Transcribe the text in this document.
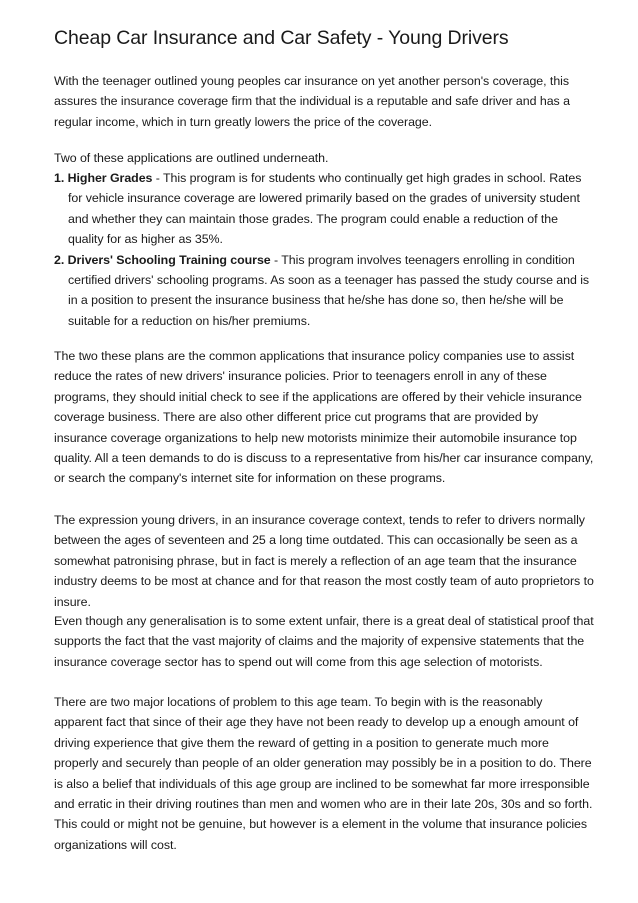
Cheap Car Insurance and Car Safety - Young Drivers

With the teenager outlined young peoples car insurance on yet another person's coverage, this assures the insurance coverage firm that the individual is a reputable and safe driver and has a regular income, which in turn greatly lowers the price of the coverage.

Two of these applications are outlined underneath.

1. Higher Grades - This program is for students who continually get high grades in school. Rates for vehicle insurance coverage are lowered primarily based on the grades of university student and whether they can maintain those grades. The program could enable a reduction of the quality for as higher as 35%.
2. Drivers' Schooling Training course - This program involves teenagers enrolling in condition certified drivers' schooling programs. As soon as a teenager has passed the study course and is in a position to present the insurance business that he/she has done so, then he/she will be suitable for a reduction on his/her premiums.

The two these plans are the common applications that insurance policy companies use to assist reduce the rates of new drivers' insurance policies. Prior to teenagers enroll in any of these programs, they should initial check to see if the applications are offered by their vehicle insurance coverage business. There are also other different price cut programs that are provided by insurance coverage organizations to help new motorists minimize their automobile insurance top quality. All a teen demands to do is discuss to a representative from his/her car insurance company, or search the company's internet site for information on these programs.

The expression young drivers, in an insurance coverage context, tends to refer to drivers normally between the ages of seventeen and 25 a long time outdated. This can occasionally be seen as a somewhat patronising phrase, but in fact is merely a reflection of an age team that the insurance industry deems to be most at chance and for that reason the most costly team of auto proprietors to insure.

Even though any generalisation is to some extent unfair, there is a great deal of statistical proof that supports the fact that the vast majority of claims and the majority of expensive statements that the insurance coverage sector has to spend out will come from this age selection of motorists.

There are two major locations of problem to this age team. To begin with is the reasonably apparent fact that since of their age they have not been ready to develop up a enough amount of driving experience that give them the reward of getting in a position to generate much more properly and securely than people of an older generation may possibly be in a position to do. There is also a belief that individuals of this age group are inclined to be somewhat far more irresponsible and erratic in their driving routines than men and women who are in their late 20s, 30s and so forth. This could or might not be genuine, but however is a element in the volume that insurance policies organizations will cost.
